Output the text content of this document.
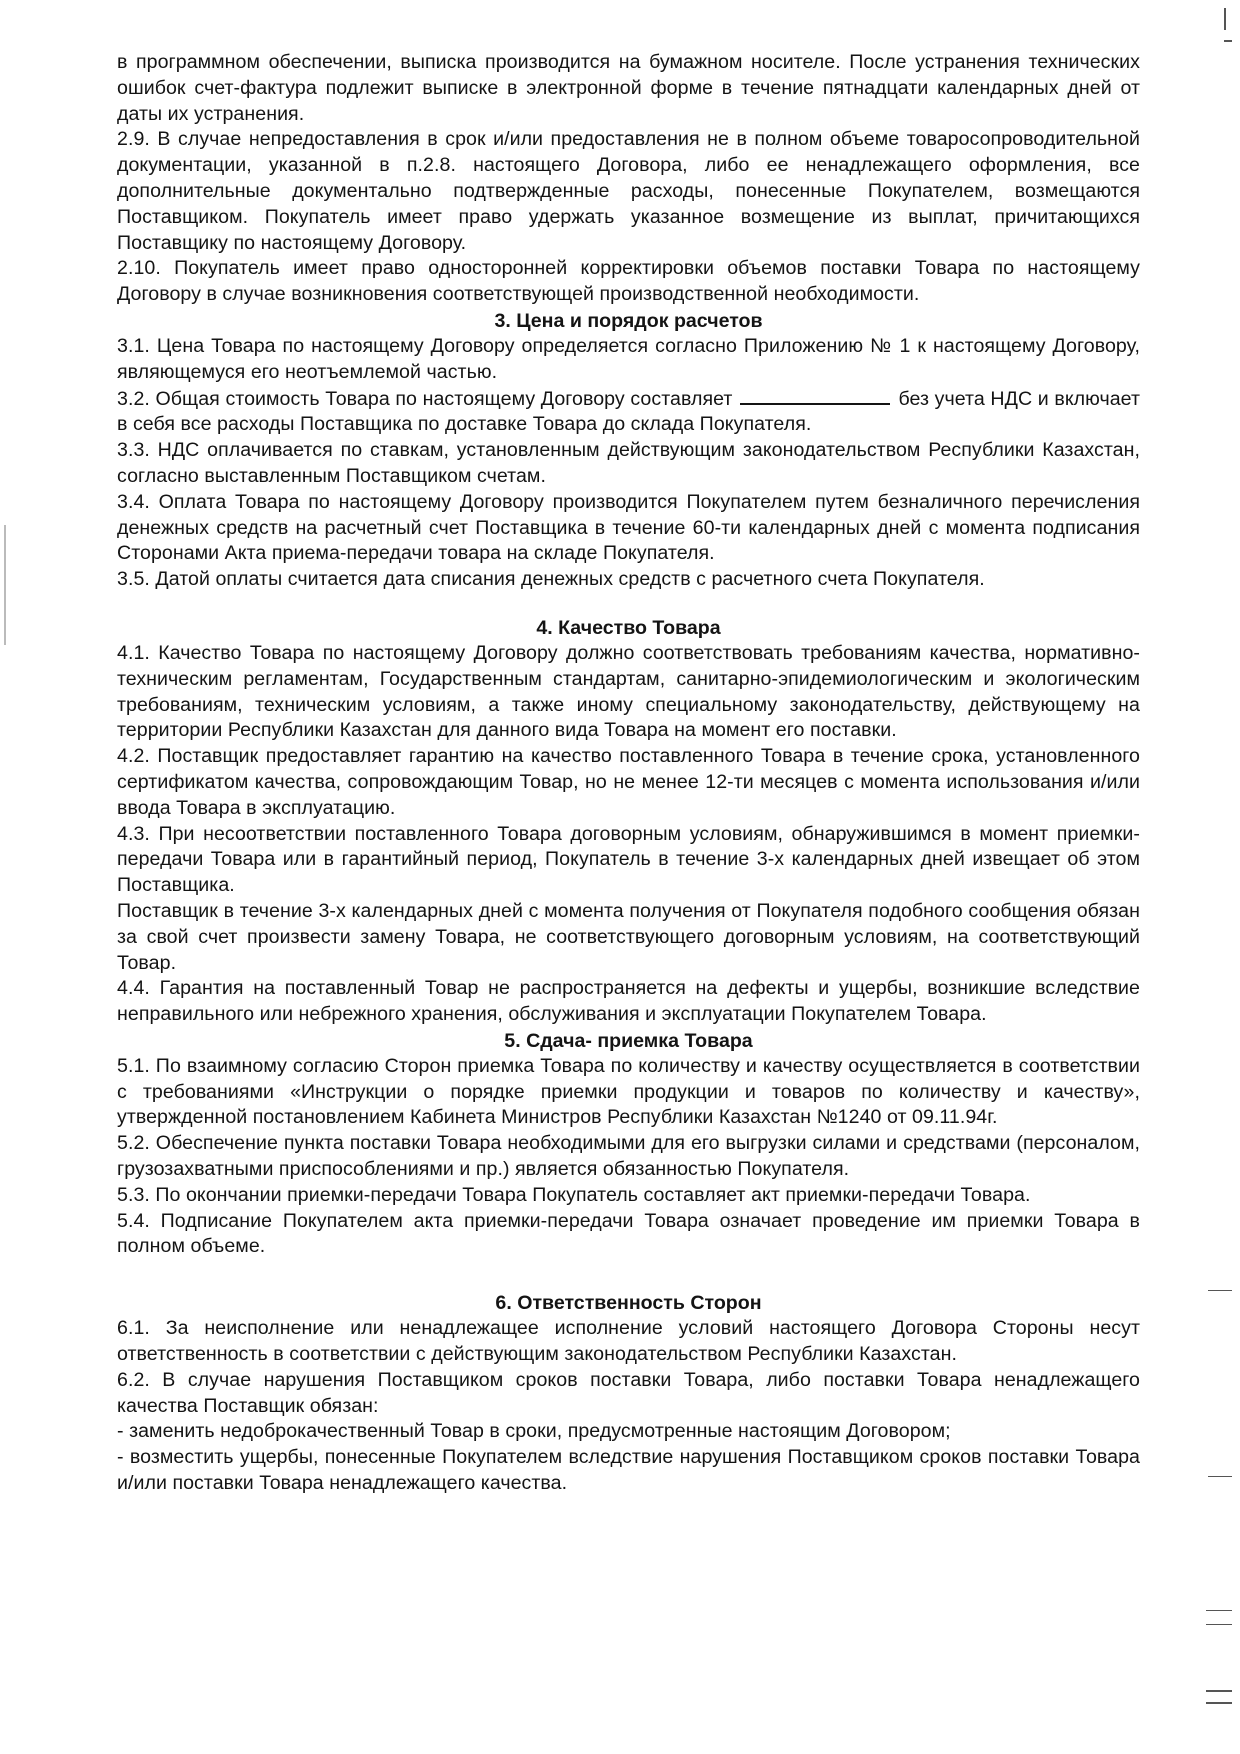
в программном обеспечении, выписка производится на бумажном носителе. После устранения технических ошибок счет-фактура подлежит выписке в электронной форме в течение пятнадцати календарных дней от даты их устранения.

2.9. В случае непредоставления в срок и/или предоставления не в полном объеме товаросопроводительной документации, указанной в п.2.8. настоящего Договора, либо ее ненадлежащего оформления, все дополнительные документально подтвержденные расходы, понесенные Покупателем, возмещаются Поставщиком. Покупатель имеет право удержать указанное возмещение из выплат, причитающихся Поставщику по настоящему Договору.

2.10. Покупатель имеет право односторонней корректировки объемов поставки Товара по настоящему Договору в случае возникновения соответствующей производственной необходимости.

3. Цена и порядок расчетов

3.1. Цена Товара по настоящему Договору определяется согласно Приложению № 1 к настоящему Договору, являющемуся его неотъемлемой частью.

3.2. Общая стоимость Товара по настоящему Договору составляет	без учета НДС и включает в себя все расходы Поставщика по доставке Товара до склада Покупателя.

3.3. НДС оплачивается по ставкам, установленным действующим законодательством Республики Казахстан, согласно выставленным Поставщиком счетам.

3.4. Оплата Товара по настоящему Договору производится Покупателем путем безналичного перечисления денежных средств на расчетный счет Поставщика в течение 60-ти календарных дней с момента подписания Сторонами Акта приема-передачи товара на складе Покупателя.

3.5. Датой оплаты считается дата списания денежных средств с расчетного счета Покупателя.

4. Качество Товара

4.1. Качество Товара по настоящему Договору должно соответствовать требованиям качества, нормативно-техническим регламентам, Государственным стандартам, санитарно-эпидемиологическим и экологическим требованиям, техническим условиям, а также иному специальному законодательству, действующему на территории Республики Казахстан для данного вида Товара на момент его поставки.

4.2. Поставщик предоставляет гарантию на качество поставленного Товара в течение срока, установленного сертификатом качества, сопровождающим Товар, но не менее 12-ти месяцев с момента использования и/или ввода Товара в эксплуатацию.

4.3. При несоответствии поставленного Товара договорным условиям, обнаружившимся в момент приемки-передачи Товара или в гарантийный период, Покупатель в течение 3-х календарных дней извещает об этом Поставщика.

Поставщик в течение 3-х календарных дней с момента получения от Покупателя подобного сообщения обязан за свой счет произвести замену Товара, не соответствующего договорным условиям, на соответствующий Товар.

4.4. Гарантия на поставленный Товар не распространяется на дефекты и ущербы, возникшие вследствие неправильного или небрежного хранения, обслуживания и эксплуатации Покупателем Товара.

5. Сдача- приемка Товара

5.1. По взаимному согласию Сторон приемка Товара по количеству и качеству осуществляется в соответствии с требованиями «Инструкции о порядке приемки продукции и товаров по количеству и качеству», утвержденной постановлением Кабинета Министров Республики Казахстан №1240 от 09.11.94г.

5.2. Обеспечение пункта поставки Товара необходимыми для его выгрузки силами и средствами (персоналом, грузозахватными приспособлениями и пр.) является обязанностью Покупателя.

5.3. По окончании приемки-передачи Товара Покупатель составляет акт приемки-передачи Товара.

5.4. Подписание Покупателем акта приемки-передачи Товара означает проведение им приемки Товара в полном объеме.

6. Ответственность Сторон

6.1. За неисполнение или ненадлежащее исполнение условий настоящего Договора Стороны несут ответственность в соответствии с действующим законодательством Республики Казахстан.

6.2. В случае нарушения Поставщиком сроков поставки Товара, либо поставки Товара ненадлежащего качества Поставщик обязан:

- заменить недоброкачественный Товар в сроки, предусмотренные настоящим Договором;

- возместить ущербы, понесенные Покупателем вследствие нарушения Поставщиком сроков поставки Товара и/или поставки Товара ненадлежащего качества.
